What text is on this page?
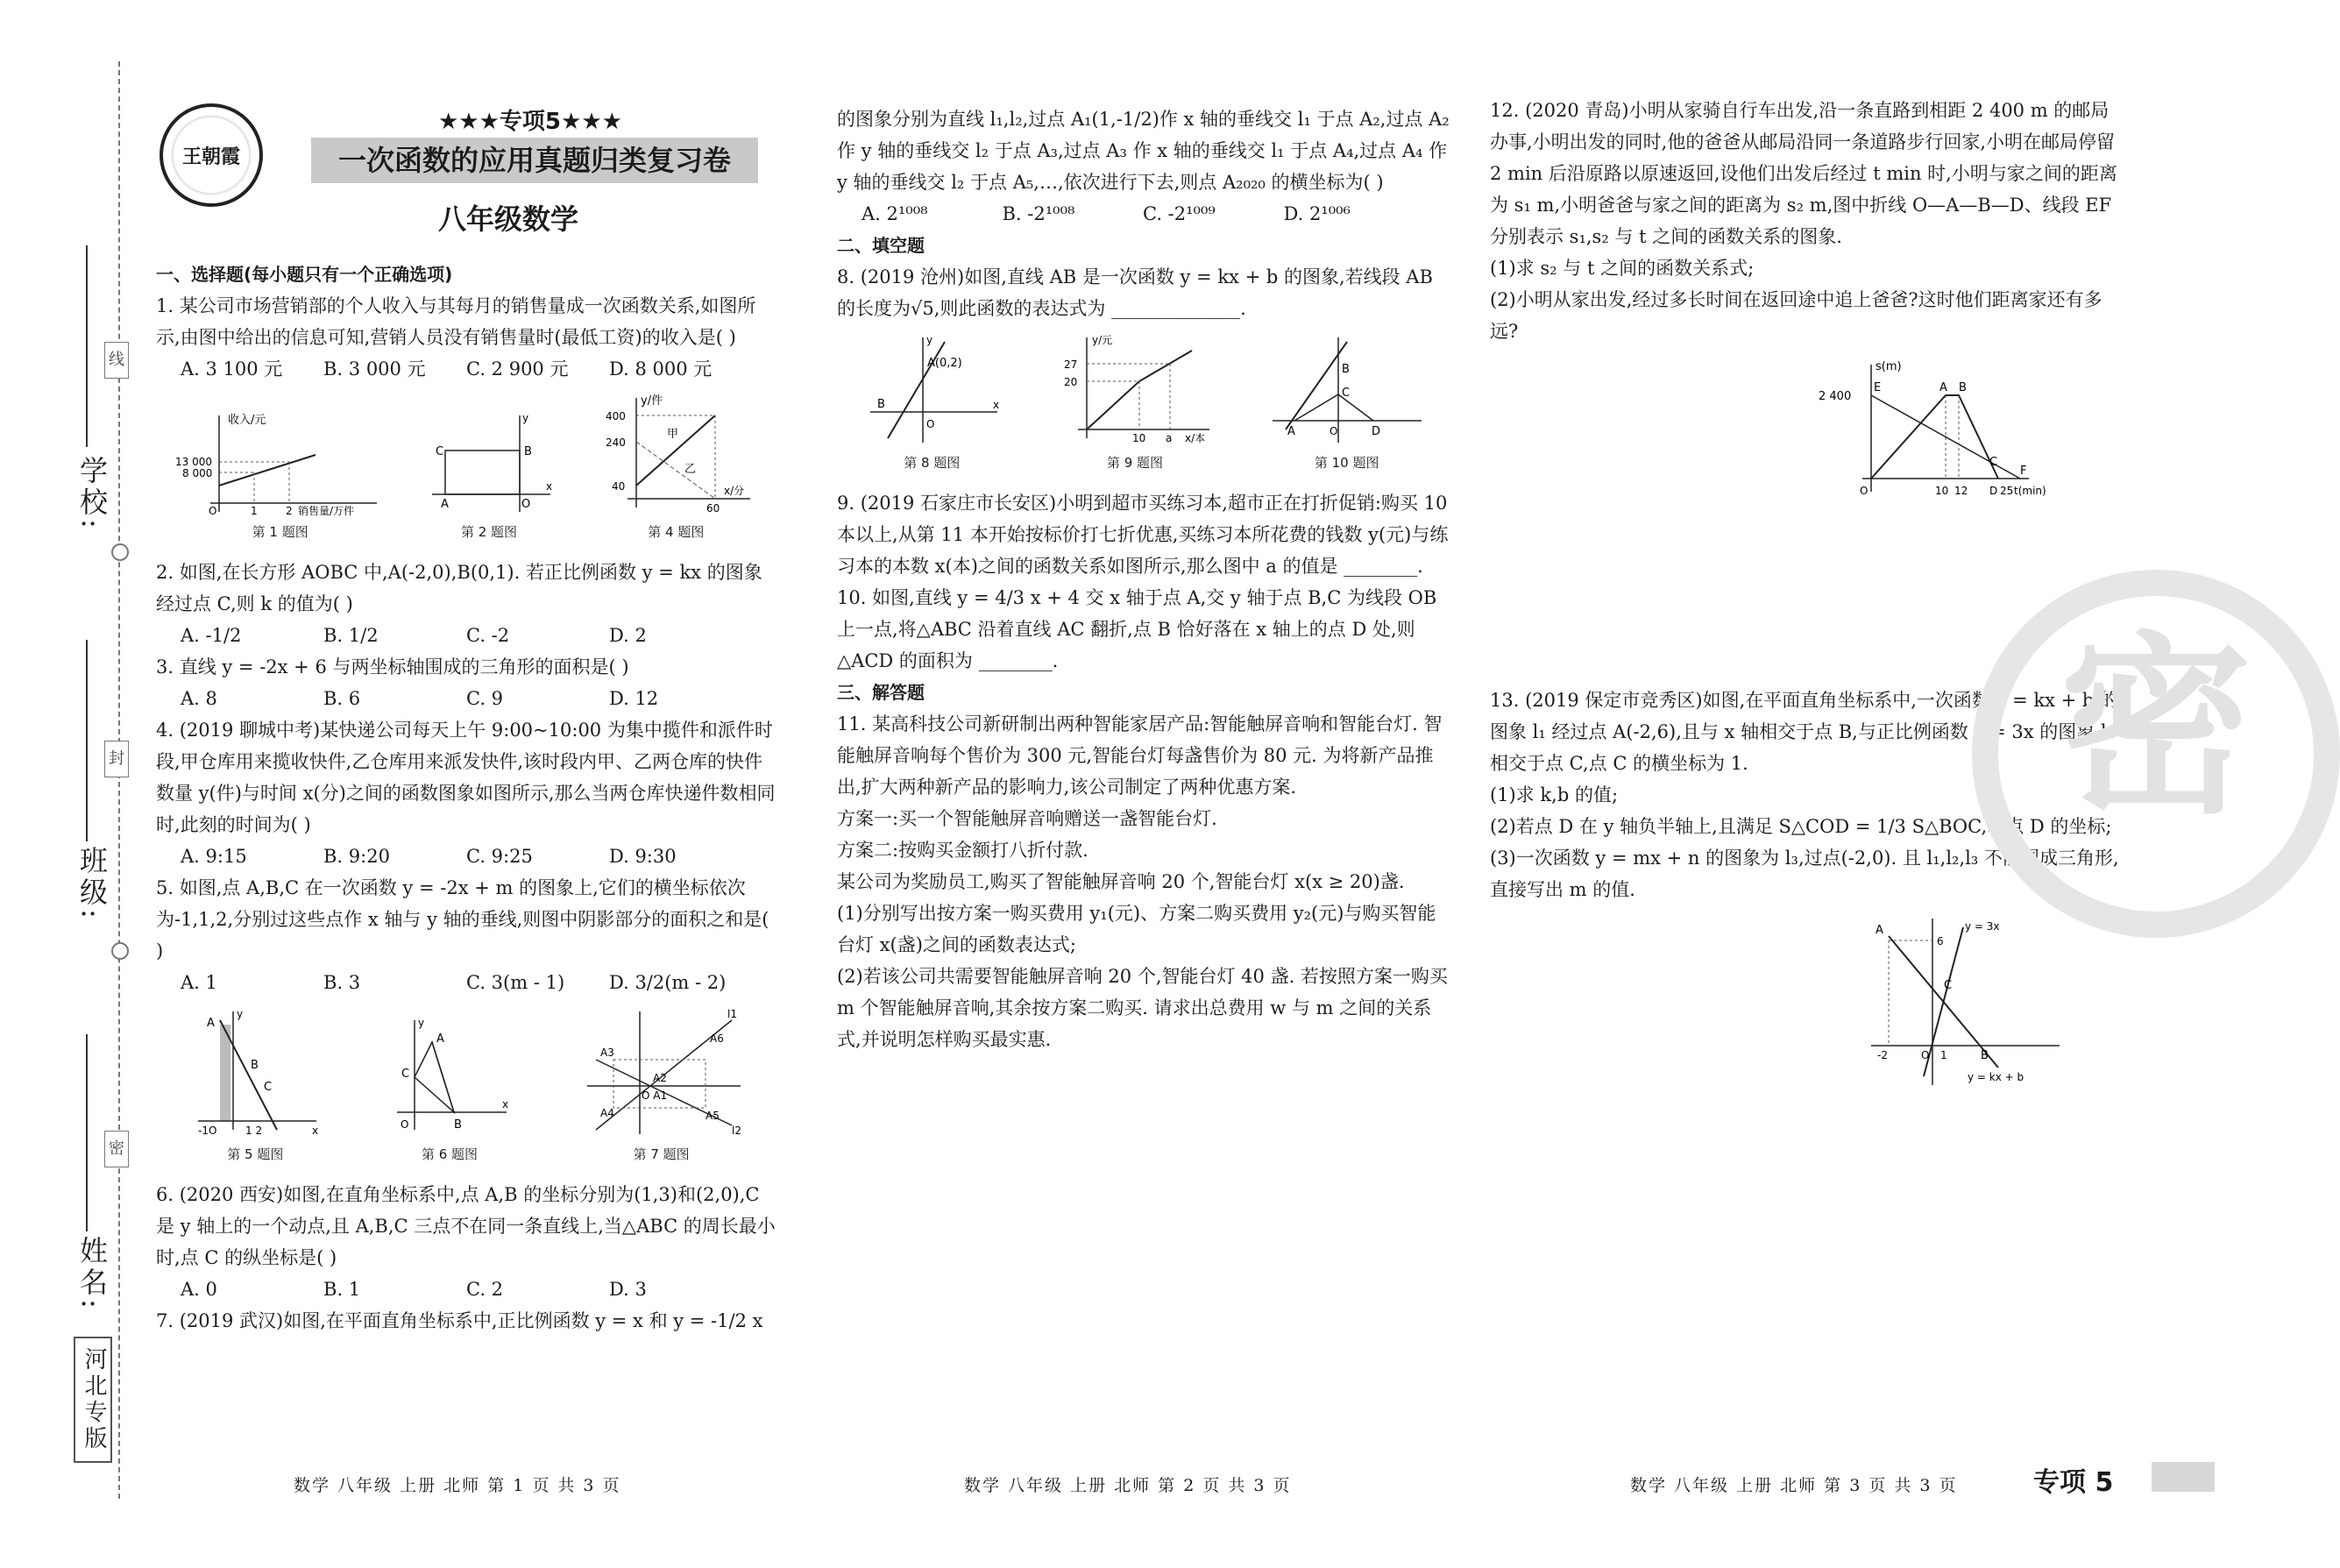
线
封
密
学校:
班级:
姓名:
河北专版
王朝霞
★★★专项5★★★
一次函数的应用真题归类复习卷
八年级数学

一、选择题(每小题只有一个正确选项)

1. 某公司市场营销部的个人收入与其每月的销售量成一次函数关系,如图所示,由图中给出的信息可知,营销人员没有销售量时(最低工资)的收入是( )

A. 3 100 元	B. 3 000 元	C. 2 900 元	D. 8 000 元
收入/元
13 000
8 000
O	1	2 销售量/万件
第 1 题图
C	B
A	O
x
y
第 2 题图
y/件
400
240
40
60
x/分
甲
乙
第 4 题图

2. 如图,在长方形 AOBC 中,A(-2,0),B(0,1). 若正比例函数 y = kx 的图象经过点 C,则 k 的值为( )

A. -1/2	B. 1/2	C. -2	D. 2

3. 直线 y = -2x + 6 与两坐标轴围成的三角形的面积是( )

A. 8	B. 6	C. 9	D. 12

4. (2019 聊城中考)某快递公司每天上午 9:00~10:00 为集中揽件和派件时段,甲仓库用来揽收快件,乙仓库用来派发快件,该时段内甲、乙两仓库的快件数量 y(件)与时间 x(分)之间的函数图象如图所示,那么当两仓库快递件数相同时,此刻的时间为( )

A. 9:15	B. 9:20	C. 9:25	D. 9:30

5. 如图,点 A,B,C 在一次函数 y = -2x + m 的图象上,它们的横坐标依次为-1,1,2,分别过这些点作 x 轴与 y 轴的垂线,则图中阴影部分的面积之和是( )

A. 1	B. 3	C. 3(m - 1)	D. 3/2(m - 2)
A
B
C
-1O	1 2	x
y
第 5 题图
A
C
B
O
x
y
第 6 题图
l1
l2
A3
A6
A2
O A1
A4	A5
第 7 题图

6. (2020 西安)如图,在直角坐标系中,点 A,B 的坐标分别为(1,3)和(2,0),C 是 y 轴上的一个动点,且 A,B,C 三点不在同一条直线上,当△ABC 的周长最小时,点 C 的纵坐标是( )

A. 0	B. 1	C. 2	D. 3

7. (2019 武汉)如图,在平面直角坐标系中,正比例函数 y = x 和 y = -1/2 x

的图象分别为直线 l₁,l₂,过点 A₁(1,-1/2)作 x 轴的垂线交 l₁ 于点 A₂,过点 A₂ 作 y 轴的垂线交 l₂ 于点 A₃,过点 A₃ 作 x 轴的垂线交 l₁ 于点 A₄,过点 A₄ 作 y 轴的垂线交 l₂ 于点 A₅,…,依次进行下去,则点 A₂₀₂₀ 的横坐标为( )

A. 2¹⁰⁰⁸	B. -2¹⁰⁰⁸	C. -2¹⁰⁰⁹	D. 2¹⁰⁰⁶

二、填空题

8. (2019 沧州)如图,直线 AB 是一次函数 y = kx + b 的图象,若线段 AB 的长度为√5,则此函数的表达式为 ______________.

A(0,2)
B
O
x
y
第 8 题图
y/元
27
20
10 a x/本
第 9 题图
B
C
A	O	D
第 10 题图

9. (2019 石家庄市长安区)小明到超市买练习本,超市正在打折促销:购买 10 本以上,从第 11 本开始按标价打七折优惠,买练习本所花费的钱数 y(元)与练习本的本数 x(本)之间的函数关系如图所示,那么图中 a 的值是 ________.

10. 如图,直线 y = 4/3 x + 4 交 x 轴于点 A,交 y 轴于点 B,C 为线段 OB 上一点,将△ABC 沿着直线 AC 翻折,点 B 恰好落在 x 轴上的点 D 处,则△ACD 的面积为 ________.

三、解答题

11. 某高科技公司新研制出两种智能家居产品:智能触屏音响和智能台灯. 智能触屏音响每个售价为 300 元,智能台灯每盏售价为 80 元. 为将新产品推出,扩大两种新产品的影响力,该公司制定了两种优惠方案.

方案一:买一个智能触屏音响赠送一盏智能台灯.

方案二:按购买金额打八折付款.

某公司为奖励员工,购买了智能触屏音响 20 个,智能台灯 x(x ≥ 20)盏.

(1)分别写出按方案一购买费用 y₁(元)、方案二购买费用 y₂(元)与购买智能台灯 x(盏)之间的函数表达式;

(2)若该公司共需要智能触屏音响 20 个,智能台灯 40 盏. 若按照方案一购买 m 个智能触屏音响,其余按方案二购买. 请求出总费用 w 与 m 之间的关系式,并说明怎样购买最实惠.

12. (2020 青岛)小明从家骑自行车出发,沿一条直路到相距 2 400 m 的邮局办事,小明出发的同时,他的爸爸从邮局沿同一条道路步行回家,小明在邮局停留 2 min 后沿原路以原速返回,设他们出发后经过 t min 时,小明与家之间的距离为 s₁ m,小明爸爸与家之间的距离为 s₂ m,图中折线 O—A—B—D、线段 EF 分别表示 s₁,s₂ 与 t 之间的函数关系的图象.

(1)求 s₂ 与 t 之间的函数关系式;

(2)小明从家出发,经过多长时间在返回途中追上爸爸?这时他们距离家还有多远?

s(m)
2 400
E	A B
C
F
O	10 12 D 25 t(min)

13. (2019 保定市竞秀区)如图,在平面直角坐标系中,一次函数 y = kx + b 的图象 l₁ 经过点 A(-2,6),且与 x 轴相交于点 B,与正比例函数 y = 3x 的图象 l₂ 相交于点 C,点 C 的横坐标为 1.

(1)求 k,b 的值;

(2)若点 D 在 y 轴负半轴上,且满足 S△COD = 1/3 S△BOC,求点 D 的坐标;

(3)一次函数 y = mx + n 的图象为 l₃,过点(-2,0). 且 l₁,l₂,l₃ 不能围成三角形,直接写出 m 的值.

A
6
C
B
y = 3x
y = kx + b
-2	O 1
密
数学 八年级 上册 北师 第 1 页 共 3 页	数学 八年级 上册 北师 第 2 页 共 3 页	数学 八年级 上册 北师 第 3 页 共 3 页	专项 5
